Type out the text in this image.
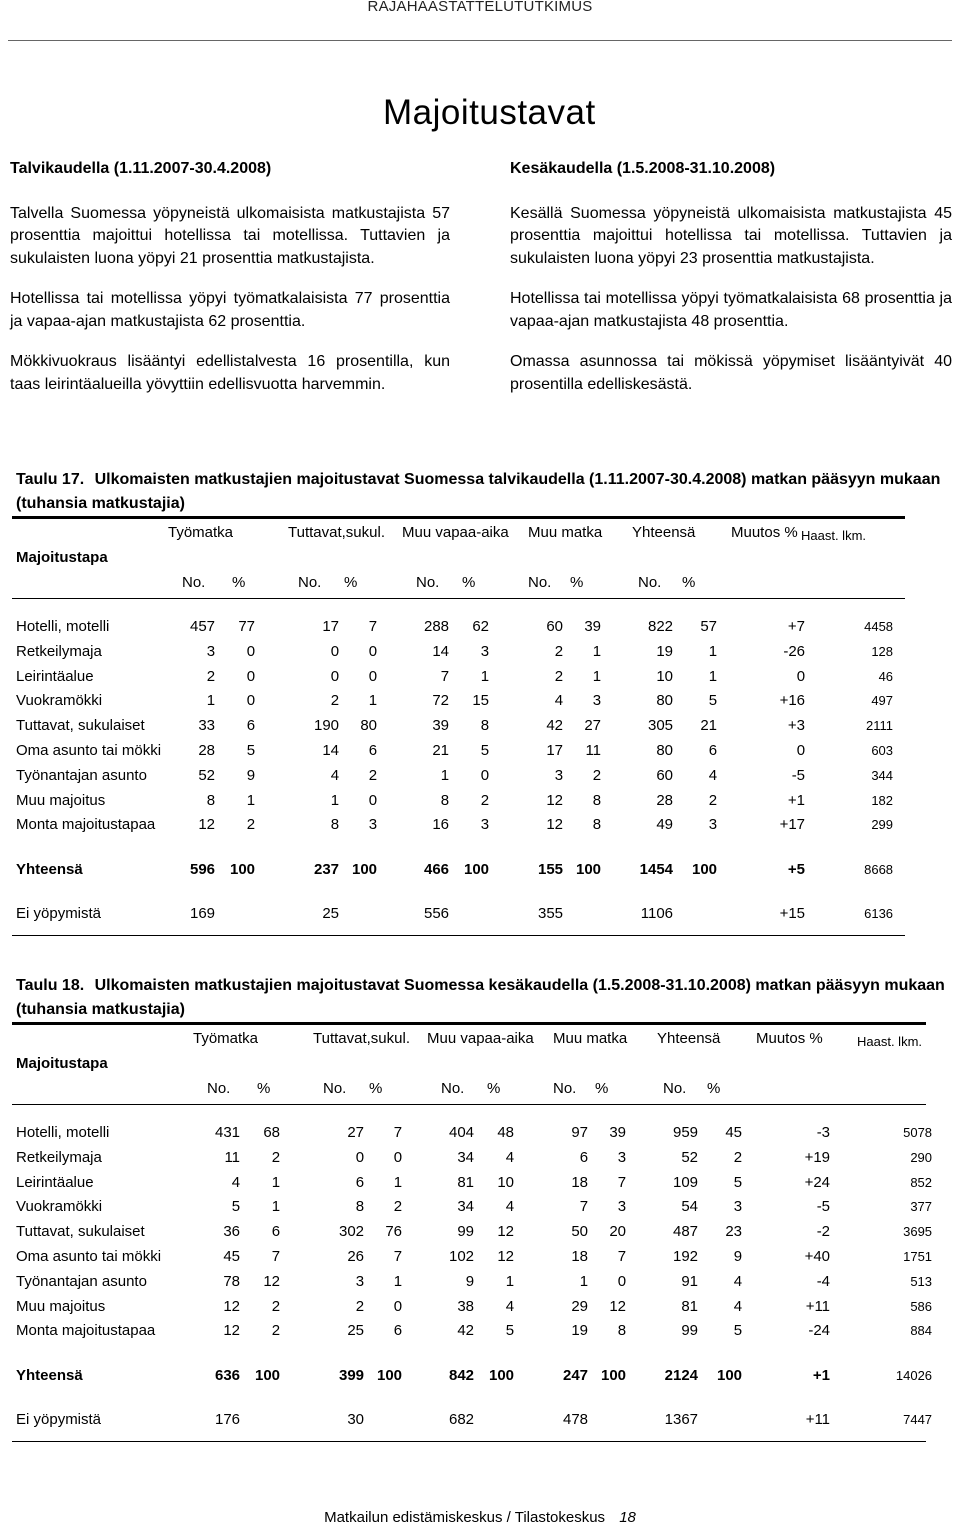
RAJAHAASTATTELUTUTKIMUS
Majoitustavat
Talvikaudella (1.11.2007-30.4.2008)

Talvella Suomessa yöpyneistä ulkomaisista matkustajista 57 prosenttia majoittui hotellissa tai motellissa. Tuttavien ja sukulaisten luona yöpyi 21 prosenttia matkustajista.

Hotellissa tai motellissa yöpyi työmatkalaisista 77 prosenttia ja vapaa-ajan matkustajista 62 prosenttia.

Mökkivuokraus lisääntyi edellistalvesta 16 prosentilla, kun taas leirintäalueilla yövyttiin edellisvuotta harvemmin.

Kesäkaudella (1.5.2008-31.10.2008)

Kesällä Suomessa yöpyneistä ulkomaisista matkustajista 45 prosenttia majoittui hotellissa tai motellissa. Tuttavien ja sukulaisten luona yöpyi 23 prosenttia matkustajista.

Hotellissa tai motellissa yöpyi työmatkalaisista 68 prosenttia ja vapaa-ajan matkustajista 48 prosenttia.

Omassa asunnossa tai mökissä yöpymiset lisääntyivät 40 prosentilla edelliskesästä.

Taulu 17. Ulkomaisten matkustajien majoitustavat Suomessa talvikaudella (1.11.2007-30.4.2008) matkan pääsyyn mukaan
(tuhansia matkustajia)
Työmatka	Tuttavat,sukul. Muu vapaa-aika Muu matka Yhteensä Muutos % Haast. lkm.
Majoitustapa
No. %	No. %	No. %	No. %	No. %
Hotelli, motelli	457	77	17	7	288	62	60	39	822	57	+7	4458
Retkeilymaja	3	0	0	0	14	3	2	1	19	1	-26	128
Leirintäalue	2	0	0	0	7	1	2	1	10	1	0	46
Vuokramökki	1	0	2	1	72	15	4	3	80	5	+16	497
Tuttavat, sukulaiset	33	6	190	80	39	8	42	27	305	21	+3	2111
Oma asunto tai mökki	28	5	14	6	21	5	17	11	80	6	0	603
Työnantajan asunto	52	9	4	2	1	0	3	2	60	4	-5	344
Muu majoitus	8	1	1	0	8	2	12	8	28	2	+1	182
Monta majoitustapaa	12	2	8	3	16	3	12	8	49	3	+17	299
Yhteensä	596	100	237	100	466	100	155	100	1454	100	+5	8668
Ei yöpymistä	169		25		556		355		1106		+15	6136
Taulu 18. Ulkomaisten matkustajien majoitustavat Suomessa kesäkaudella (1.5.2008-31.10.2008) matkan pääsyyn mukaan
(tuhansia matkustajia)
Työmatka	Tuttavat,sukul. Muu vapaa-aika Muu matka Yhteensä Muutos %	Haast. lkm.
Majoitustapa
No. %	No. %	No. %	No. %	No. %
Hotelli, motelli	431	68	27	7	404	48	97	39	959	45	-3	5078
Retkeilymaja	11	2	0	0	34	4	6	3	52	2	+19	290
Leirintäalue	4	1	6	1	81	10	18	7	109	5	+24	852
Vuokramökki	5	1	8	2	34	4	7	3	54	3	-5	377
Tuttavat, sukulaiset	36	6	302	76	99	12	50	20	487	23	-2	3695
Oma asunto tai mökki	45	7	26	7	102	12	18	7	192	9	+40	1751
Työnantajan asunto	78	12	3	1	9	1	1	0	91	4	-4	513
Muu majoitus	12	2	2	0	38	4	29	12	81	4	+11	586
Monta majoitustapaa	12	2	25	6	42	5	19	8	99	5	-24	884
Yhteensä	636	100	399	100	842	100	247	100	2124	100	+1	14026
Ei yöpymistä	176		30		682		478		1367		+11	7447
Matkailun edistämiskeskus / Tilastokeskus 18
